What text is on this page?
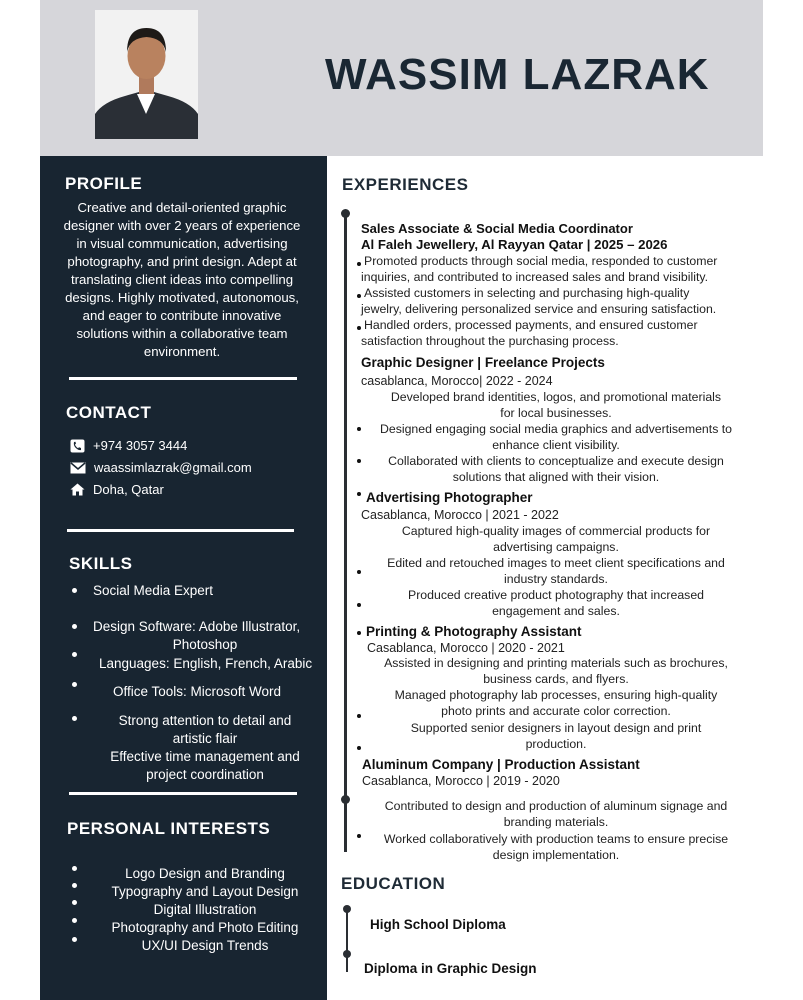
WASSIM LAZRAK
PROFILE
Creative and detail-oriented graphic
designer with over 2 years of experience
in visual communication, advertising
photography, and print design. Adept at
translating client ideas into compelling
designs. Highly motivated, autonomous,
and eager to contribute innovative
solutions within a collaborative team
environment.
CONTACT
+974 3057 3444
waassimlazrak@gmail.com
Doha, Qatar
SKILLS
Social Media Expert
Design Software: Adobe Illustrator,
Photoshop
Languages: English, French, Arabic
Office Tools: Microsoft Word
Strong attention to detail and
artistic flair
Effective time management and
project coordination
PERSONAL INTERESTS
Logo Design and Branding
Typography and Layout Design
Digital Illustration
Photography and Photo Editing
UX/UI Design Trends
EXPERIENCES
Sales Associate & Social Media Coordinator
Al Faleh Jewellery, Al Rayyan Qatar | 2025 – 2026
Promoted products through social media, responded to customer
inquiries, and contributed to increased sales and brand visibility.
Assisted customers in selecting and purchasing high-quality
jewelry, delivering personalized service and ensuring satisfaction.
Handled orders, processed payments, and ensured customer
satisfaction throughout the purchasing process.
Graphic Designer | Freelance Projects
casablanca, Morocco| 2022 - 2024
Developed brand identities, logos, and promotional materials
for local businesses.
Designed engaging social media graphics and advertisements to
enhance client visibility.
Collaborated with clients to conceptualize and execute design
solutions that aligned with their vision.
Advertising Photographer
Casablanca, Morocco | 2021 - 2022
Captured high-quality images of commercial products for
advertising campaigns.
Edited and retouched images to meet client specifications and
industry standards.
Produced creative product photography that increased
engagement and sales.
Printing & Photography Assistant
Casablanca, Morocco | 2020 - 2021
Assisted in designing and printing materials such as brochures,
business cards, and flyers.
Managed photography lab processes, ensuring high-quality
photo prints and accurate color correction.
Supported senior designers in layout design and print
production.
Aluminum Company | Production Assistant
Casablanca, Morocco | 2019 - 2020
Contributed to design and production of aluminum signage and
branding materials.
Worked collaboratively with production teams to ensure precise
design implementation.
EDUCATION
High School Diploma
Diploma in Graphic Design
